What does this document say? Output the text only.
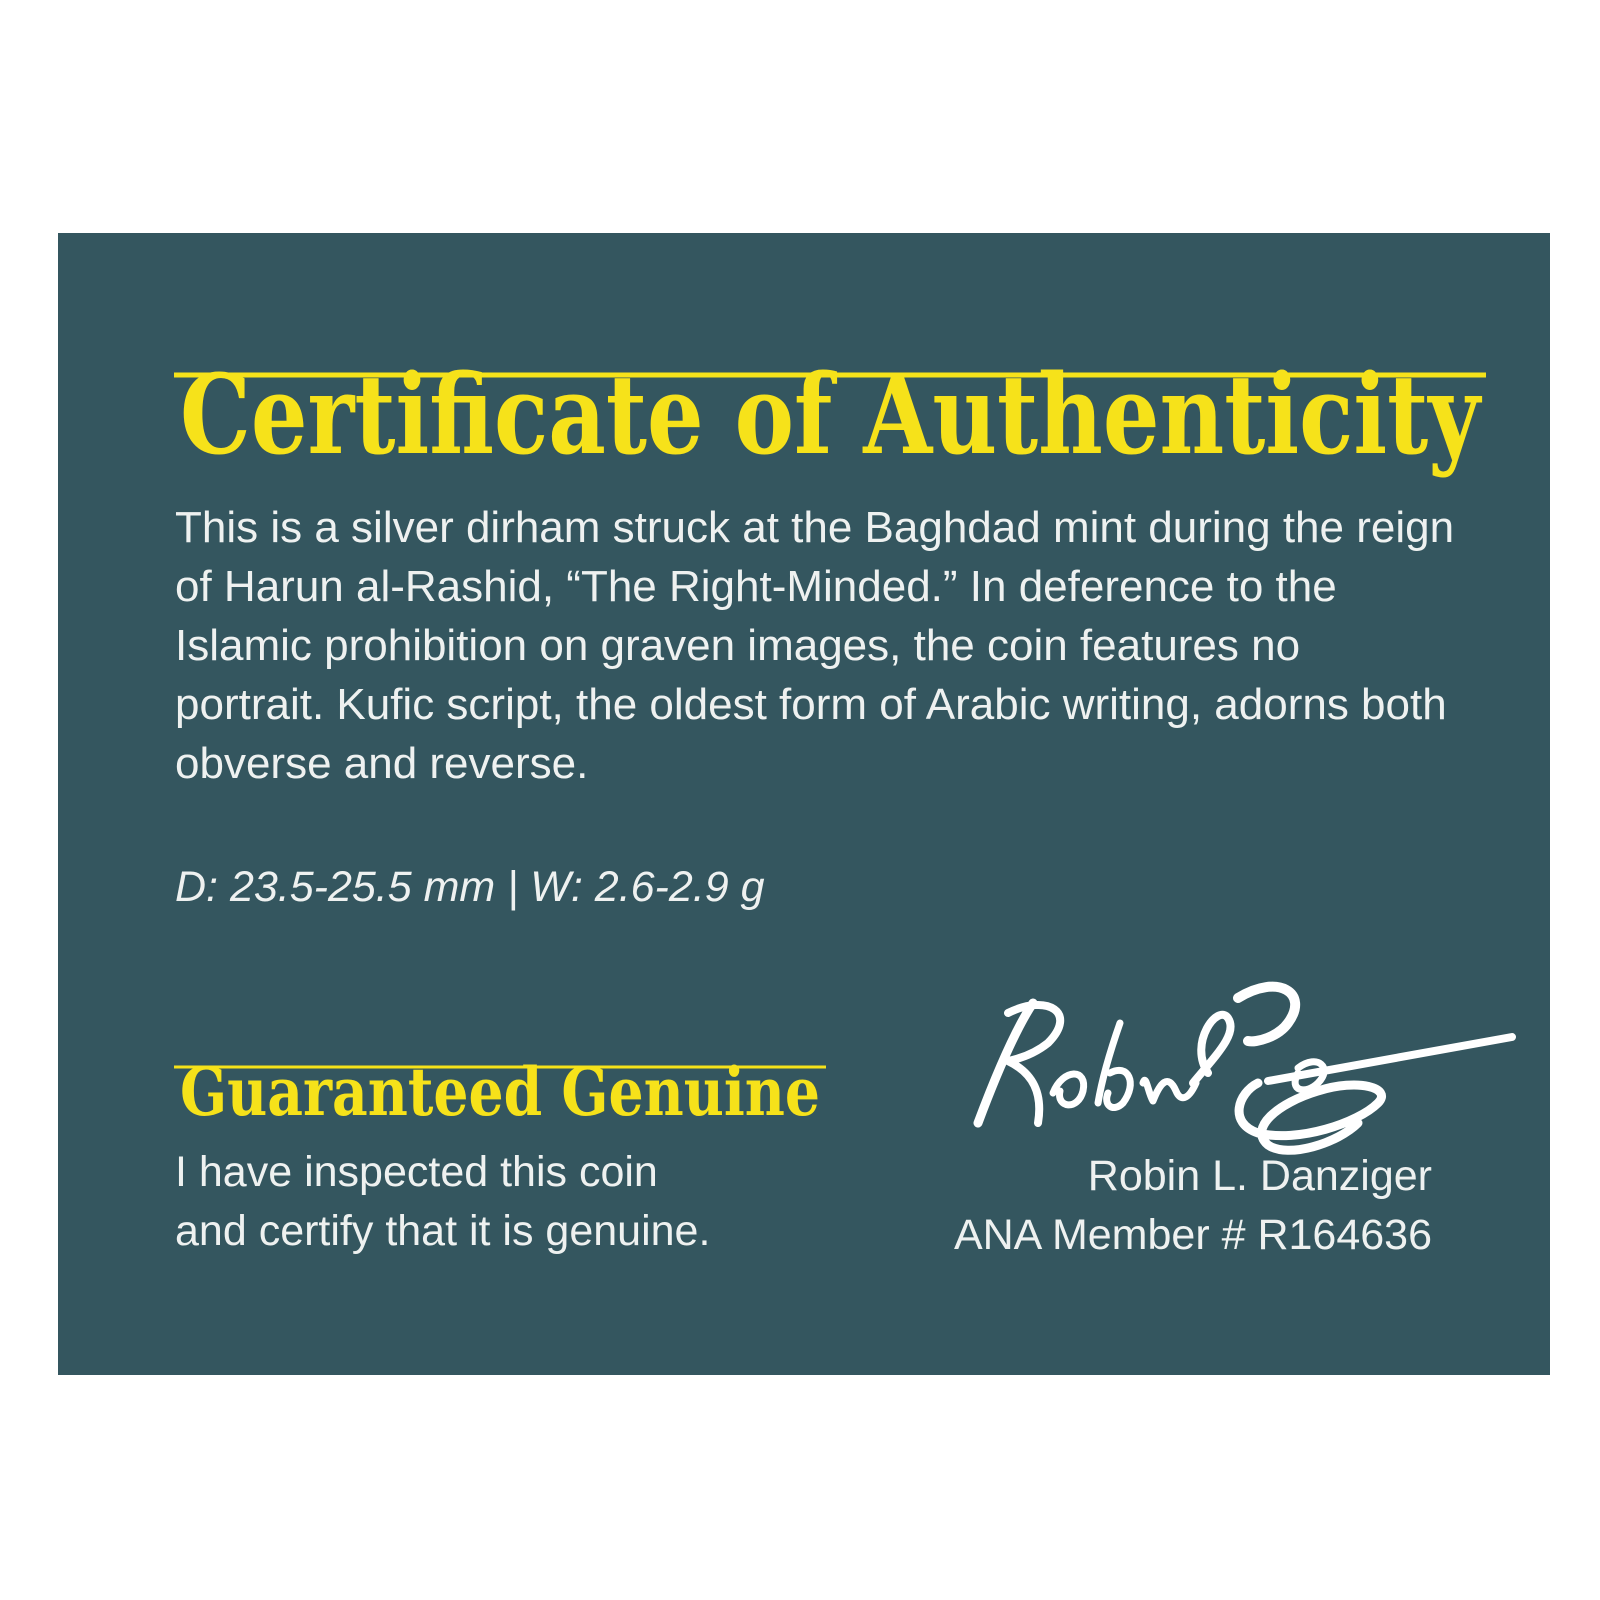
Certificate of Authenticity

This is a silver dirham struck at the Baghdad mint during the reign of Harun al-Rashid, “The Right-Minded.” In deference to the Islamic prohibition on graven images, the coin features no portrait. Kufic script, the oldest form of Arabic writing, adorns both obverse and reverse.

D: 23.5-25.5 mm | W: 2.6-2.9 g

Guaranteed Genuine

I have inspected this coin
and certify that it is genuine.

Robin L. Danziger
ANA Member # R164636
